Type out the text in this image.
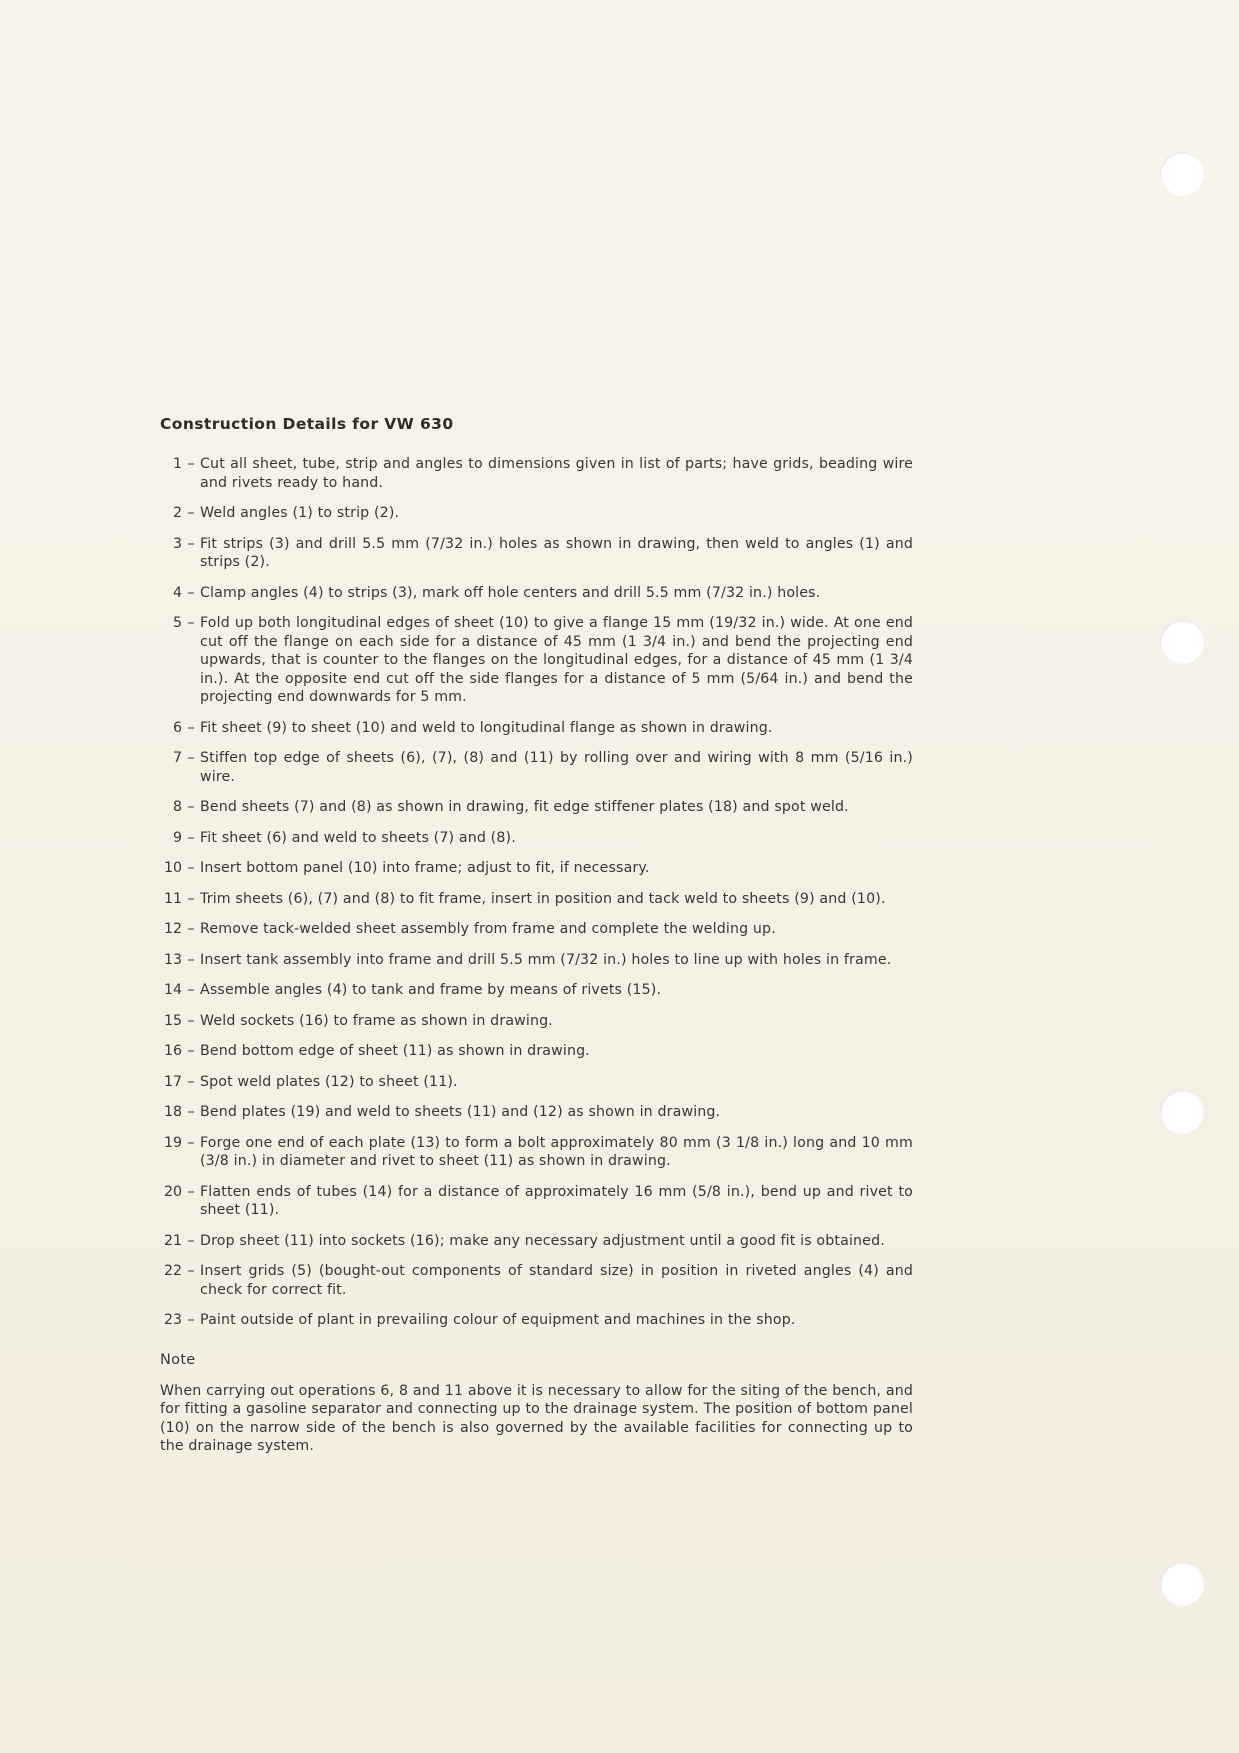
Construction Details for VW 630
1 –	Cut all sheet, tube, strip and angles to dimensions given in list of parts; have grids, beading wire and rivets ready to hand.
2 –	Weld angles (1) to strip (2).
3 –	Fit strips (3) and drill 5.5 mm (7/32 in.) holes as shown in drawing, then weld to angles (1) and strips (2).
4 –	Clamp angles (4) to strips (3), mark off hole centers and drill 5.5 mm (7/32 in.) holes.
5 –	Fold up both longitudinal edges of sheet (10) to give a flange 15 mm (19/32 in.) wide. At one end cut off the flange on each side for a distance of 45 mm (1 3/4 in.) and bend the projecting end upwards, that is counter to the flanges on the longitudinal edges, for a distance of 45 mm (1 3/4 in.). At the opposite end cut off the side flanges for a distance of 5 mm (5/64 in.) and bend the projecting end downwards for 5 mm.
6 –	Fit sheet (9) to sheet (10) and weld to longitudinal flange as shown in drawing.
7 –	Stiffen top edge of sheets (6), (7), (8) and (11) by rolling over and wiring with 8 mm (5/16 in.) wire.
8 –	Bend sheets (7) and (8) as shown in drawing, fit edge stiffener plates (18) and spot weld.
9 –	Fit sheet (6) and weld to sheets (7) and (8).
10 –	Insert bottom panel (10) into frame; adjust to fit, if necessary.
11 –	Trim sheets (6), (7) and (8) to fit frame, insert in position and tack weld to sheets (9) and (10).
12 –	Remove tack-welded sheet assembly from frame and complete the welding up.
13 –	Insert tank assembly into frame and drill 5.5 mm (7/32 in.) holes to line up with holes in frame.
14 –	Assemble angles (4) to tank and frame by means of rivets (15).
15 –	Weld sockets (16) to frame as shown in drawing.
16 –	Bend bottom edge of sheet (11) as shown in drawing.
17 –	Spot weld plates (12) to sheet (11).
18 –	Bend plates (19) and weld to sheets (11) and (12) as shown in drawing.
19 –	Forge one end of each plate (13) to form a bolt approximately 80 mm (3 1/8 in.) long and 10 mm (3/8 in.) in diameter and rivet to sheet (11) as shown in drawing.
20 –	Flatten ends of tubes (14) for a distance of approximately 16 mm (5/8 in.), bend up and rivet to sheet (11).
21 –	Drop sheet (11) into sockets (16); make any necessary adjustment until a good fit is obtained.
22 –	Insert grids (5) (bought-out components of standard size) in position in riveted angles (4) and check for correct fit.
23 –	Paint outside of plant in prevailing colour of equipment and machines in the shop.
Note

When carrying out operations 6, 8 and 11 above it is necessary to allow for the siting of the bench, and for fitting a gasoline separator and connecting up to the drainage system. The position of bottom panel (10) on the narrow side of the bench is also governed by the available facilities for connecting up to the drainage system.
